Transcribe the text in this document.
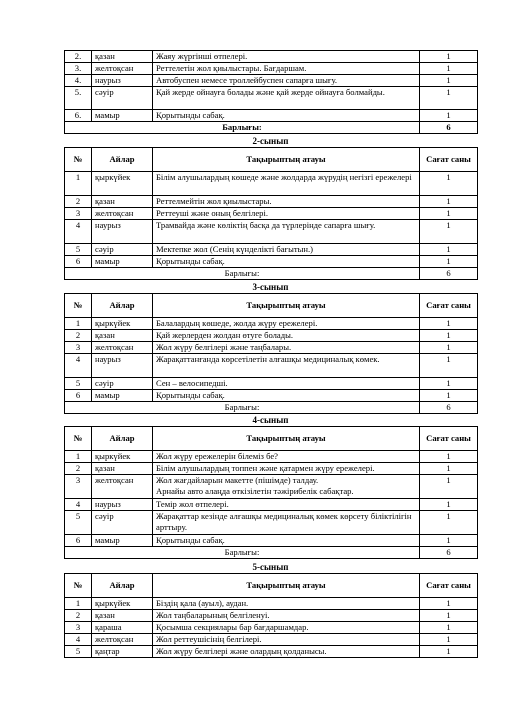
2.	қазан	Жаяу жүргінші өтпелері.	1
3.	желтоқсан	Реттелетін жол қиылыстары. Бағдаршам.	1
4.	наурыз	Автобуспен немесе троллейбуспен сапарға шығу.	1
5.	сәуір	Қай жерде ойнауға болады және қай жерде ойнауға болмайды.	1
6.	мамыр	Қорытынды сабақ.	1
Барлығы:			6
2-сынып
№	Айлар	Тақырыптың атауы	Сағат саны
1	қыркүйек	Білім алушылардың көшеде және жолдарда жүрудің негізгі ережелері	1
2	қазан	Реттелмейтін жол қиылыстары.	1
3	желтоқсан	Реттеуші және оның белгілері.	1
4	наурыз	Трамвайда және көліктің басқа да түрлерінде сапарға шығу.	1
5	сәуір	Мектепке жол (Сенің күнделікті бағытын.)	1
6	мамыр	Қорытынды сабақ.	1
Барлығы:			6
3-сынып
№	Айлар	Тақырыптың атауы	Сағат саны
1	қыркүйек	Балалардың көшеде, жолда жүру ережелері.	1
2	қазан	Қай жерлерден жолдан өтуге болады.	1
3	желтоқсан	Жол жүру белгілері және таңбалары.	1
4	наурыз	Жарақаттанғанда көрсетілетін алғашқы медициналық көмек.	1
5	сәуір	Сен – велосипедші.	1
6	мамыр	Қорытынды сабақ.	1
Барлығы:			6
4-сынып
№	Айлар	Тақырыптың атауы	Сағат саны
1	қыркүйек	Жол жүру ережелерін білеміз бе?	1
2	қазан	Білім алушылардың топпен және қатармен жүру ережелері.	1
3	желтоқсан	Жол жағдайларын макетте (пішімде) талдау.
Арнайы авто алаңда өткізілетін тәжірибелік сабақтар.	1
4	наурыз	Темір жол өтпелері.	1
5	сәуір	Жарақаттар кезінде алғашқы медициналық көмек көрсету біліктілігін арттыру.	1
6	мамыр	Қорытынды сабақ.	1
Барлығы:			6
5-сынып
№	Айлар	Тақырыптың атауы	Сағат саны
1	қыркүйек	Біздің қала (ауыл), аудан.	1
2	қазан	Жол таңбаларының белгіленуі.	1
3	қараша	Қосымша секциялары бар бағдаршамдар.	1
4	желтоқсан	Жол реттеушісінің белгілері.	1
5	қаңтар	Жол жүру белгілері және олардың қолданысы.	1
